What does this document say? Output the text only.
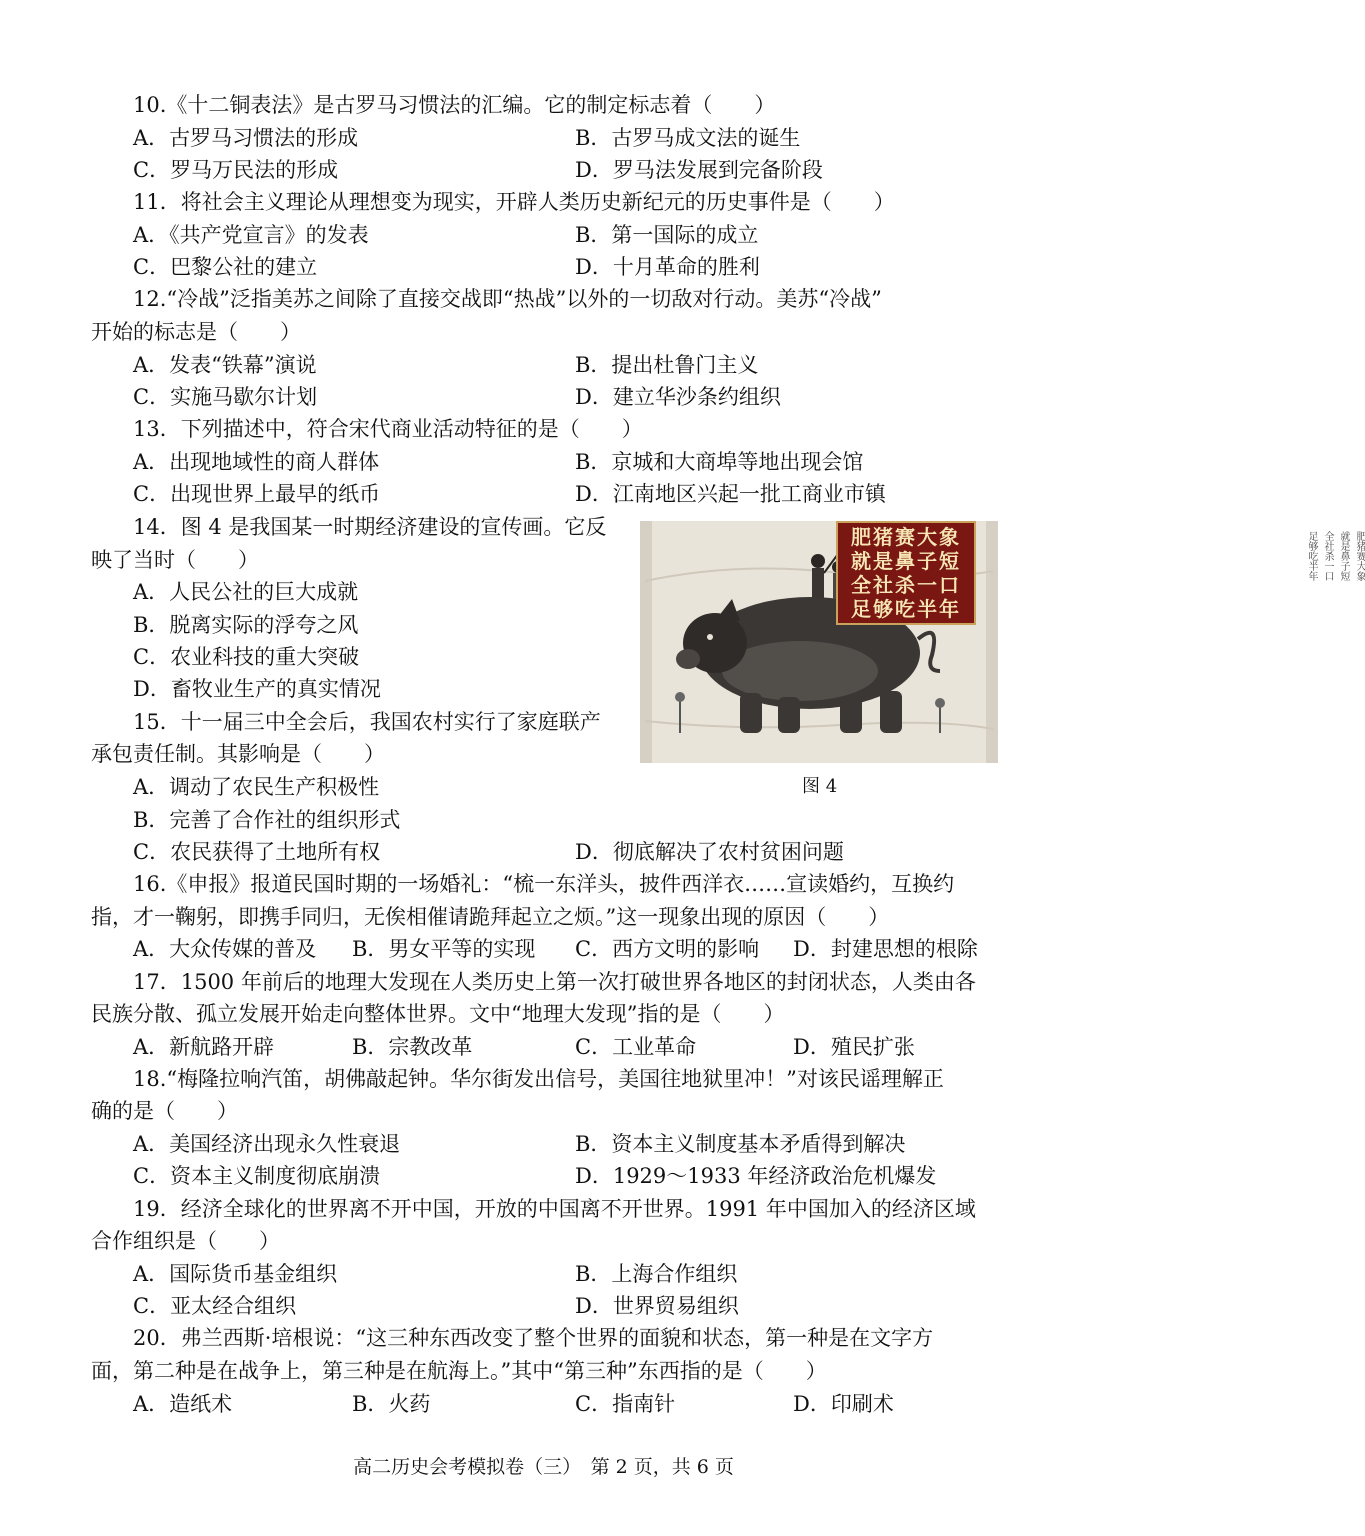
10.《十二铜表法》是古罗马习惯法的汇编。它的制定标志着（　　）
A．古罗马习惯法的形成	B．古罗马成文法的诞生
C．罗马万民法的形成	D．罗马法发展到完备阶段
11．将社会主义理论从理想变为现实，开辟人类历史新纪元的历史事件是（　　）
A．《共产党宣言》的发表	B．第一国际的成立
C．巴黎公社的建立	D．十月革命的胜利
12.“冷战”泛指美苏之间除了直接交战即“热战”以外的一切敌对行动。美苏“冷战”
开始的标志是（　　）
A．发表“铁幕”演说	B．提出杜鲁门主义
C．实施马歇尔计划	D．建立华沙条约组织
13．下列描述中，符合宋代商业活动特征的是（　　）
A．出现地域性的商人群体	B．京城和大商埠等地出现会馆
C．出现世界上最早的纸币	D．江南地区兴起一批工商业市镇
14．图 4 是我国某一时期经济建设的宣传画。它反
映了当时（　　）
A．人民公社的巨大成就
B．脱离实际的浮夸之风
C．农业科技的重大突破
D．畜牧业生产的真实情况
15．十一届三中全会后，我国农村实行了家庭联产
承包责任制。其影响是（　　）
A．调动了农民生产积极性
B．完善了合作社的组织形式
C．农民获得了土地所有权	D．彻底解决了农村贫困问题
肥猪赛大象
就是鼻子短
全社杀一口
足够吃半年
肥猪赛大象
就是鼻子短
全社杀一口
足够吃半年
图 4
16.《申报》报道民国时期的一场婚礼：“梳一东洋头，披件西洋衣……宣读婚约，互换约
指，才一鞠躬，即携手同归，无俟相催请跪拜起立之烦。”这一现象出现的原因（　　）
A．大众传媒的普及 B．男女平等的实现 C．西方文明的影响 D．封建思想的根除
17．1500 年前后的地理大发现在人类历史上第一次打破世界各地区的封闭状态，人类由各
民族分散、孤立发展开始走向整体世界。文中“地理大发现”指的是（　　）
A．新航路开辟	B．宗教改革	C．工业革命	D．殖民扩张
18.“梅隆拉响汽笛，胡佛敲起钟。华尔街发出信号，美国往地狱里冲！”对该民谣理解正
确的是（　　）
A．美国经济出现永久性衰退	B．资本主义制度基本矛盾得到解决
C．资本主义制度彻底崩溃	D．1929～1933 年经济政治危机爆发
19．经济全球化的世界离不开中国，开放的中国离不开世界。1991 年中国加入的经济区域
合作组织是（　　）
A．国际货币基金组织	B．上海合作组织
C．亚太经合组织	D．世界贸易组织
20．弗兰西斯·培根说：“这三种东西改变了整个世界的面貌和状态，第一种是在文字方
面，第二种是在战争上，第三种是在航海上。”其中“第三种”东西指的是（　　）
A．造纸术	B．火药	C．指南针	D．印刷术
高二历史会考模拟卷（三）　第 2 页，共 6 页
